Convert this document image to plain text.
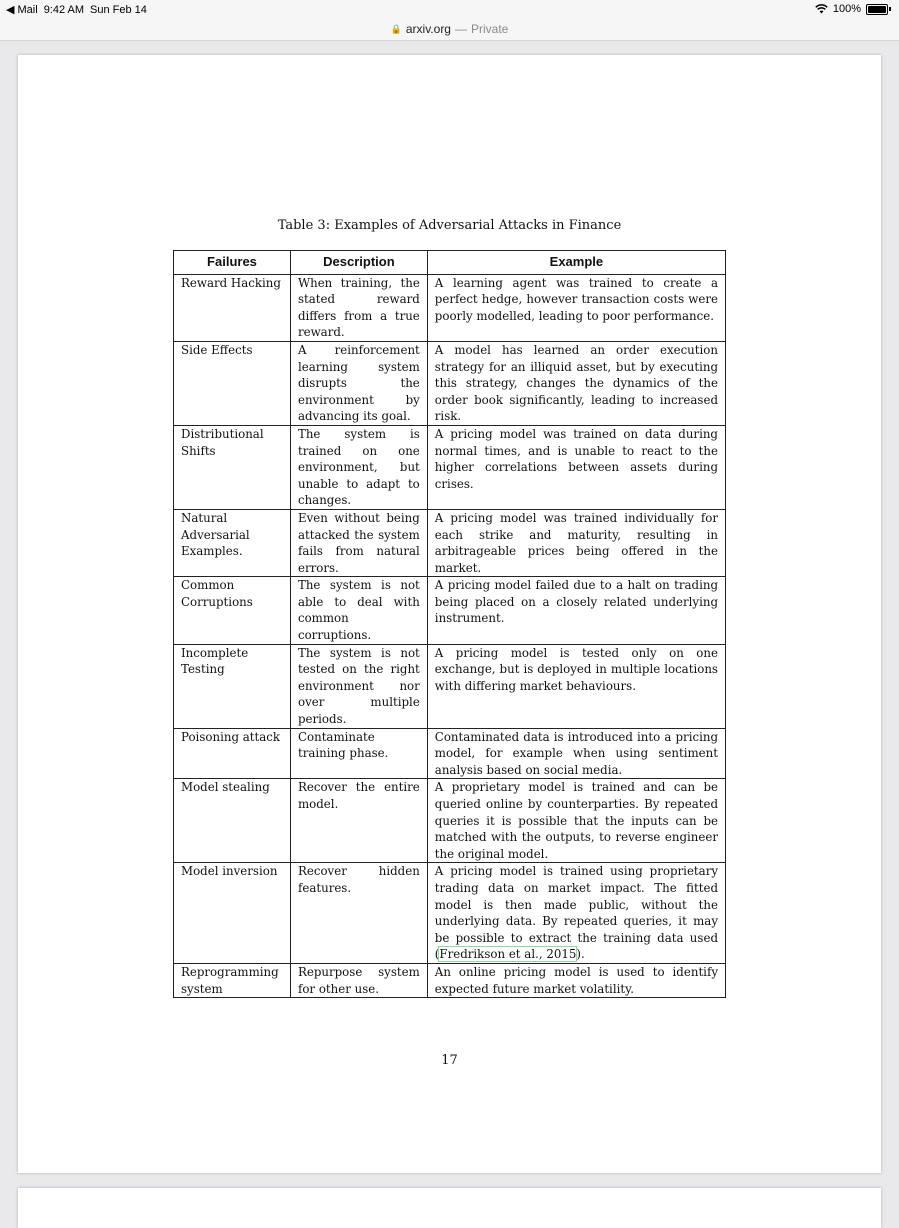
◀ Mail 9:42 AM Sun Feb 14	100%
🔒 arxiv.org — Private
Table 3: Examples of Adversarial Attacks in Finance
Failures	Description	Example
Reward Hacking	When training, the stated reward differs from a true reward.	A learning agent was trained to create a perfect hedge, however transaction costs were poorly modelled, leading to poor performance.
Side Effects	A reinforcement learning system disrupts the environment by advancing its goal.	A model has learned an order execution strategy for an illiquid asset, but by executing this strategy, changes the dynamics of the order book significantly, leading to increased risk.
Distributional Shifts	The system is trained on one environment, but unable to adapt to changes.	A pricing model was trained on data during normal times, and is unable to react to the higher correlations between assets during crises.
Natural Adversarial Examples.	Even without being attacked the system fails from natural errors.	A pricing model was trained individually for each strike and maturity, resulting in arbitrageable prices being offered in the market.
Common Corruptions	The system is not able to deal with common corruptions.	A pricing model failed due to a halt on trading being placed on a closely related underlying instrument.
Incomplete Testing	The system is not tested on the right environment nor over multiple periods.	A pricing model is tested only on one exchange, but is deployed in multiple locations with differing market behaviours.
Poisoning attack	Contaminate training phase.	Contaminated data is introduced into a pricing model, for example when using sentiment analysis based on social media.
Model stealing	Recover the entire model.	A proprietary model is trained and can be queried online by counterparties. By repeated queries it is possible that the inputs can be matched with the outputs, to reverse engineer the original model.
Model inversion	Recover hidden features.	A pricing model is trained using proprietary trading data on market impact. The fitted model is then made public, without the underlying data. By repeated queries, it may be possible to extract the training data used (Fredrikson et al., 2015).
Reprogramming system	Repurpose system for other use.	An online pricing model is used to identify expected future market volatility.
17
